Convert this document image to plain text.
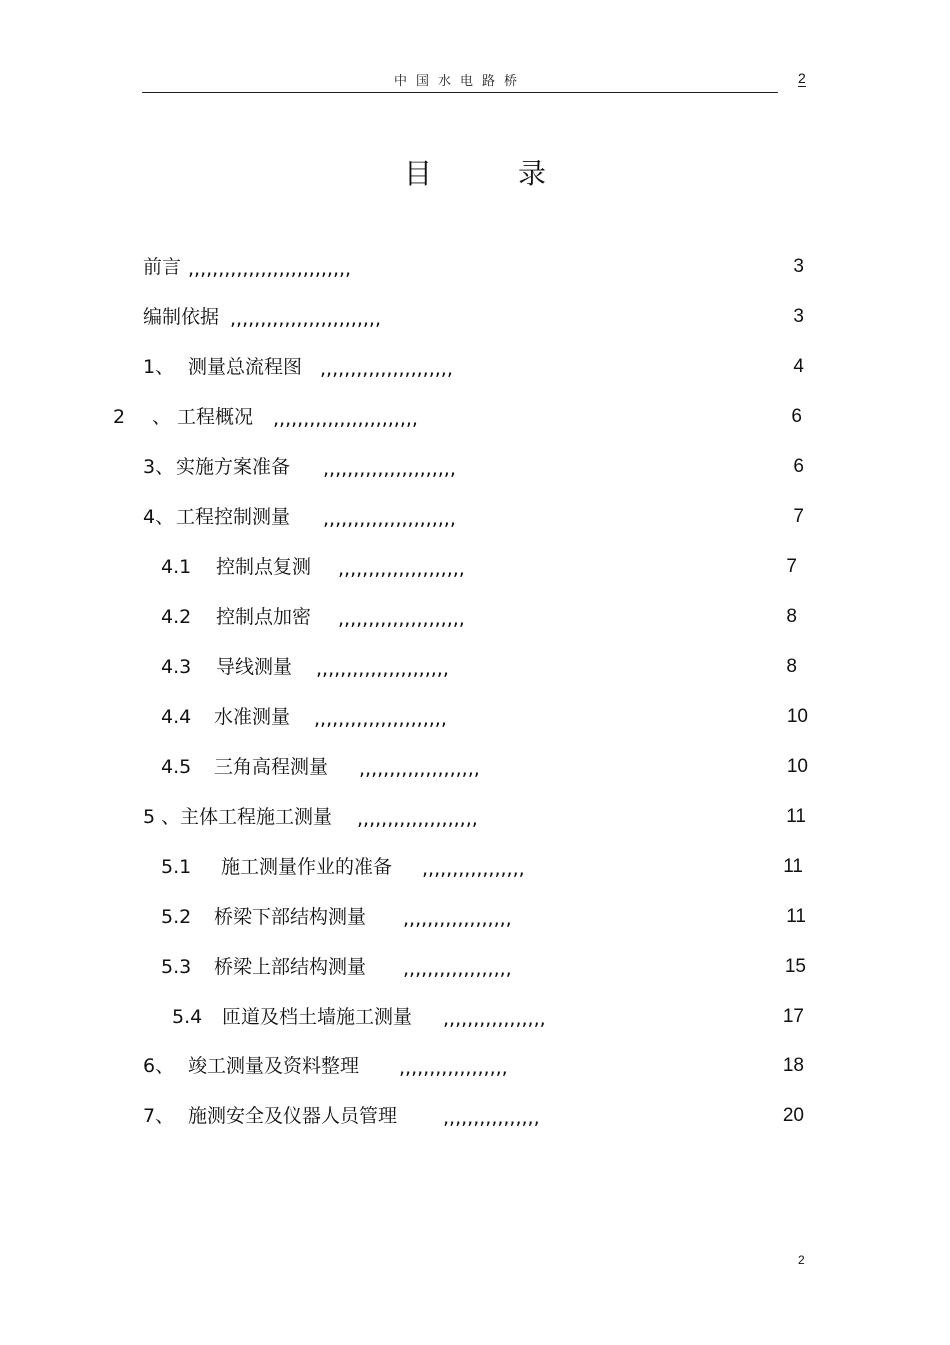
中国水电路桥	2
目录
前言 ,,,,,,,,,,,,,,,,,,,,,,,,,,,	3
编制依据 ,,,,,,,,,,,,,,,,,,,,,,,,,	3
1、 测量总流程图 ,,,,,,,,,,,,,,,,,,,,,,	4
2 、 工程概况 ,,,,,,,,,,,,,,,,,,,,,,,,	6
3、 实施方案准备 ,,,,,,,,,,,,,,,,,,,,,,	6
4、 工程控制测量 ,,,,,,,,,,,,,,,,,,,,,,	7
4.1 控制点复测 ,,,,,,,,,,,,,,,,,,,,,	7
4.2 控制点加密 ,,,,,,,,,,,,,,,,,,,,,	8
4.3 导线测量 ,,,,,,,,,,,,,,,,,,,,,,	8
4.4 水准测量 ,,,,,,,,,,,,,,,,,,,,,,	10
4.5 三角高程测量 ,,,,,,,,,,,,,,,,,,,,	10
5 、 主体工程施工测量 ,,,,,,,,,,,,,,,,,,,,	11
5.1 施工测量作业的准备 ,,,,,,,,,,,,,,,,,	11
5.2 桥梁下部结构测量 ,,,,,,,,,,,,,,,,,,	11
5.3 桥梁上部结构测量 ,,,,,,,,,,,,,,,,,,	15
5.4 匝道及档土墙施工测量 ,,,,,,,,,,,,,,,,,	17
6、 竣工测量及资料整理 ,,,,,,,,,,,,,,,,,,	18
7、 施测安全及仪器人员管理 ,,,,,,,,,,,,,,,,	20
2
